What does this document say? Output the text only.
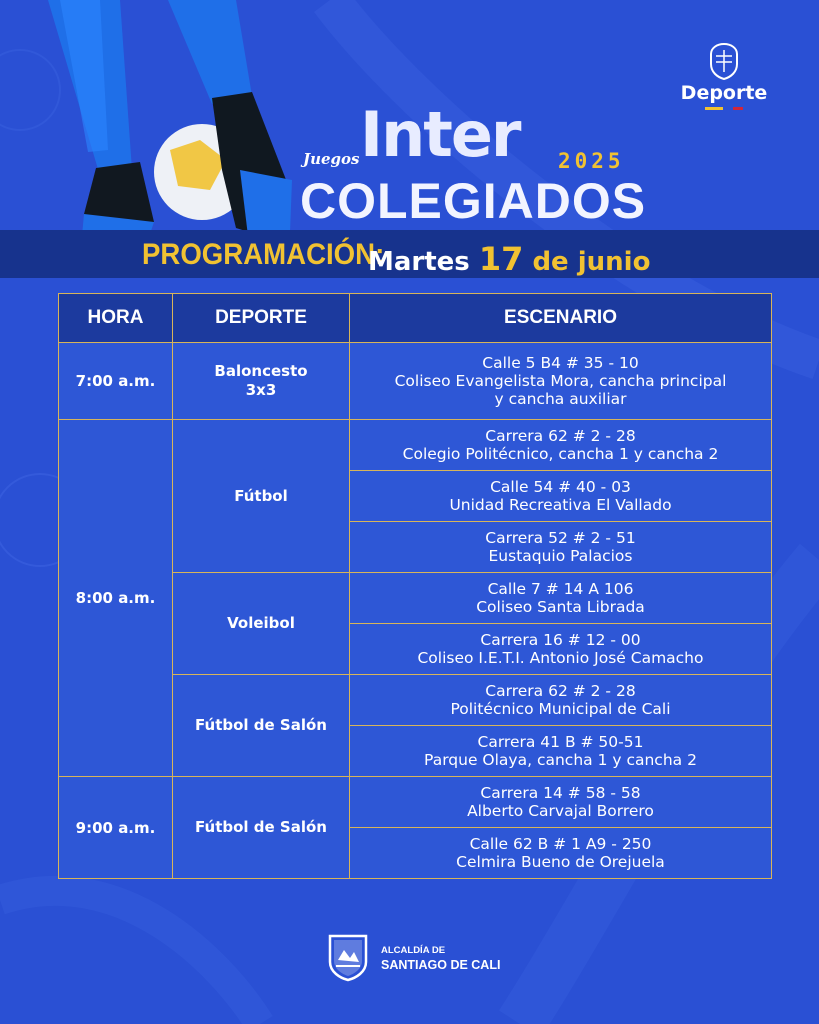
Deporte
Juegos Inter 2025
COLEGIADOS
PROGRAMACIÓN:
Martes 17 de junio
HORA	DEPORTE	ESCENARIO
7:00 a.m.	Baloncesto 3x3	Calle 5 B4 # 35 - 10
Coliseo Evangelista Mora, cancha principal y cancha auxiliar

8:00 a.m.	Fútbol	Carrera 62 # 2 - 28
Colegio Politécnico, cancha 1 y cancha 2

		Calle 54 # 40 - 03
Unidad Recreativa El Vallado

		Carrera 52 # 2 - 51
Eustaquio Palacios

	Voleibol	Calle 7 # 14 A 106
Coliseo Santa Librada

		Carrera 16 # 12 - 00
Coliseo I.E.T.I. Antonio José Camacho

	Fútbol de Salón	Carrera 62 # 2 - 28
Politécnico Municipal de Cali

		Carrera 41 B # 50-51
Parque Olaya, cancha 1 y cancha 2

9:00 a.m.	Fútbol de Salón	Carrera 14 # 58 - 58
Alberto Carvajal Borrero

		Calle 62 B # 1 A9 - 250
Celmira Bueno de Orejuela
ALCALDÍA DE
SANTIAGO DE CALI
